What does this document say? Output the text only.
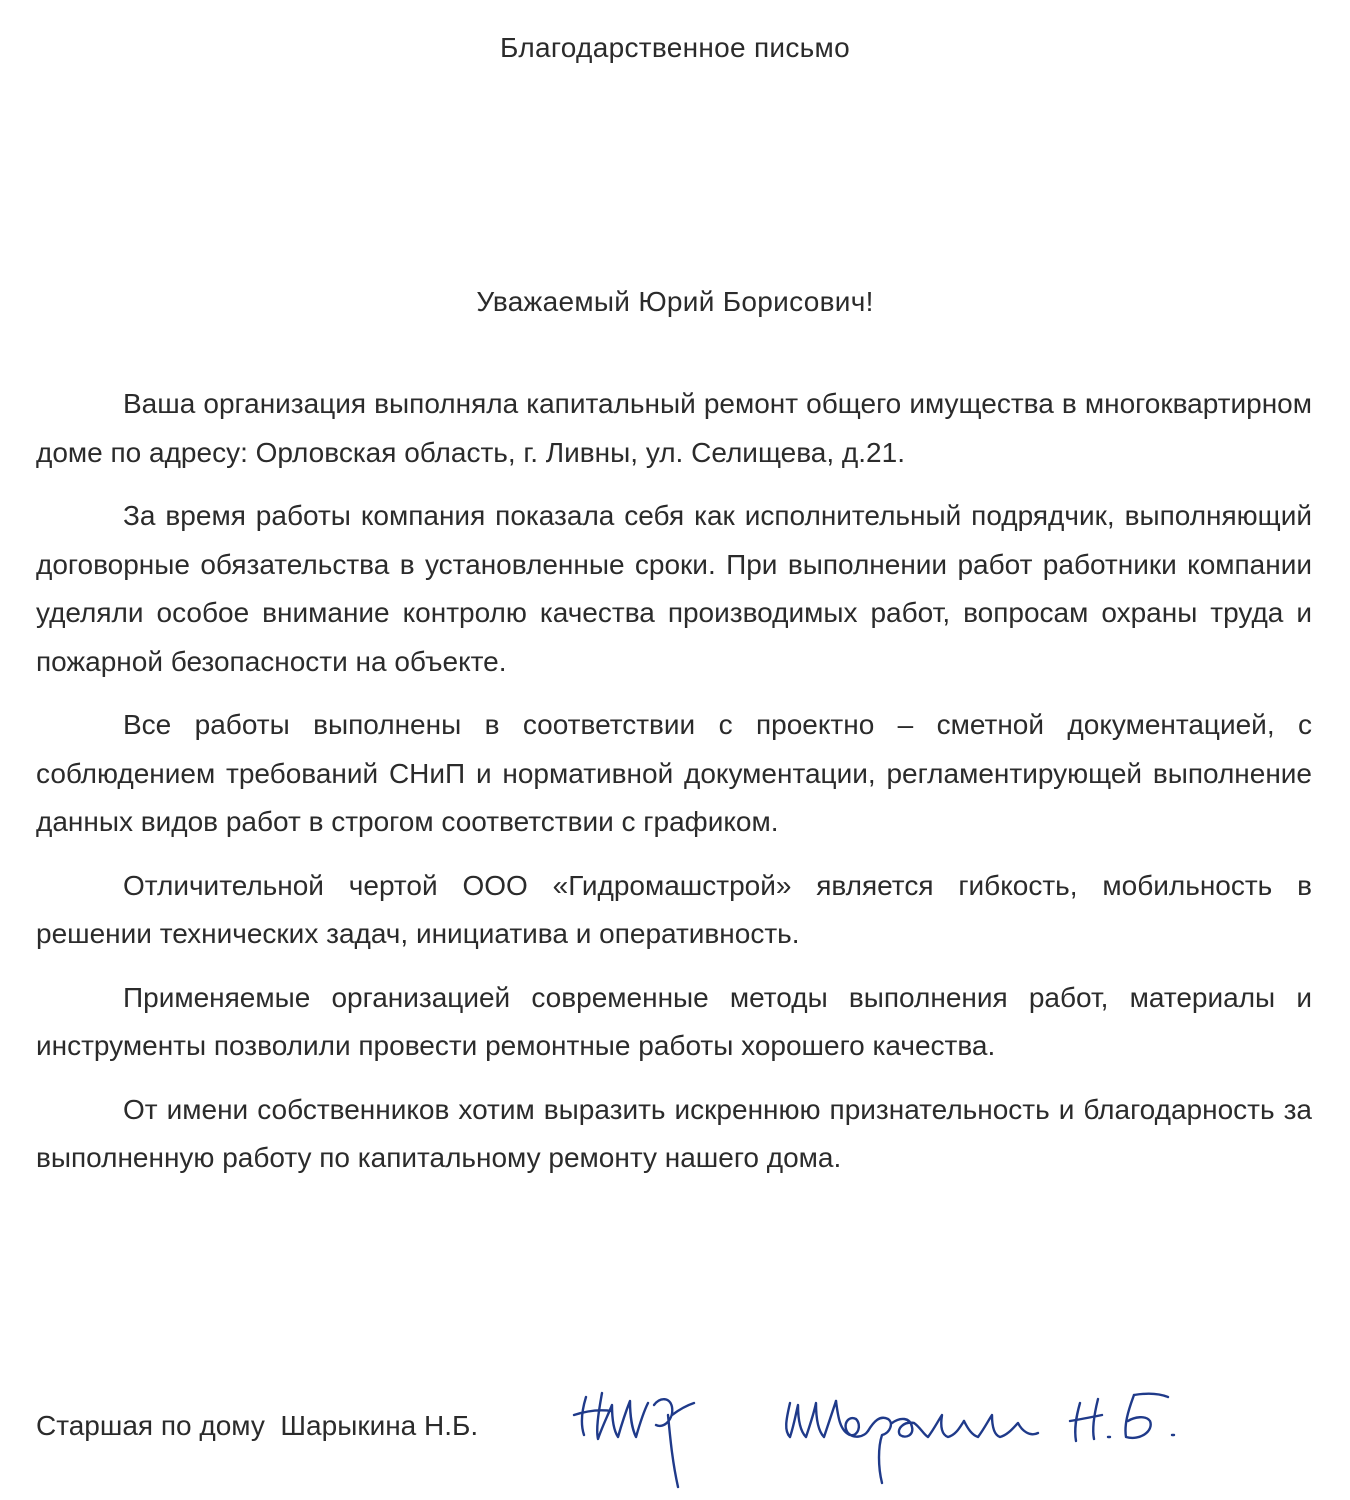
Благодарственное письмо
Уважаемый Юрий Борисович!

Ваша организация выполняла капитальный ремонт общего имущества в многоквартирном доме по адресу: Орловская область, г. Ливны, ул. Селищева, д.21.

За время работы компания показала себя как исполнительный подрядчик, выполняющий договорные обязательства в установленные сроки. При выполнении работ работники компании уделяли особое внимание контролю качества производимых работ, вопросам охраны труда и пожарной безопасности на объекте.

Все работы выполнены в соответствии с проектно – сметной документацией, с соблюдением требований СНиП и нормативной документации, регламентирующей выполнение данных видов работ в строгом соответствии с графиком.

Отличительной чертой ООО «Гидромашстрой» является гибкость, мобильность в решении технических задач, инициатива и оперативность.

Применяемые организацией современные методы выполнения работ, материалы и инструменты позволили провести ремонтные работы хорошего качества.

От имени собственников хотим выразить искреннюю признательность и благодарность за выполненную работу по капитальному ремонту нашего дома.

Старшая по дому  Шарыкина Н.Б.
